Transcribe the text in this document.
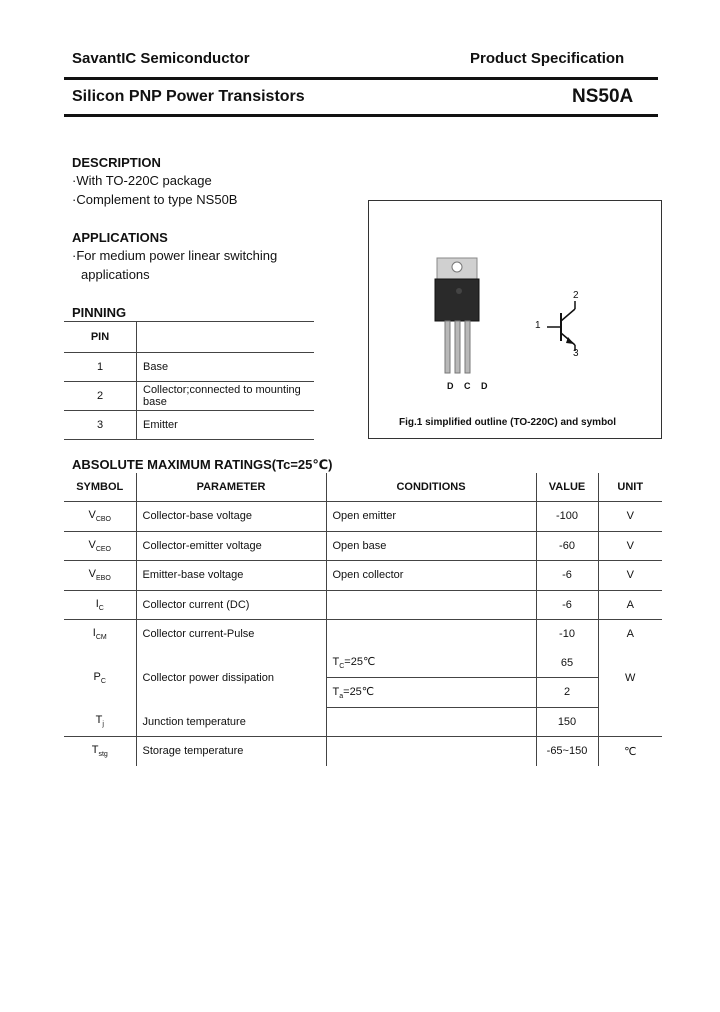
SavantIC Semiconductor	Product Specification
Silicon PNP Power Transistors	NS50A
DESCRIPTION
·With TO-220C package
·Complement to type NS50B
APPLICATIONS
·For medium power linear switching
applications
PINNING
PIN	
1	Base
2	Collector;connected to mounting base
3	Emitter
D C D
1
2
3
Fig.1 simplified outline (TO-220C) and symbol
ABSOLUTE MAXIMUM RATINGS(Tc=25℃)
SYMBOL	PARAMETER	CONDITIONS	VALUE	UNIT
$V_{CBO}$	Collector-base voltage	Open emitter	-100	V
$V_{CEO}$	Collector-emitter voltage	Open base	-60	V
$V_{EBO}$	Emitter-base voltage	Open collector	-6	V
$I_C$	Collector current (DC)		-6	A
$I_{CM}$	Collector current-Pulse		-10	A
$P_C$	Collector power dissipation	$T_C=25℃$	65	W
		$T_a=25℃$	2	
$T_j$	Junction temperature		150	
$T_{stg}$	Storage temperature		-65~150	℃
